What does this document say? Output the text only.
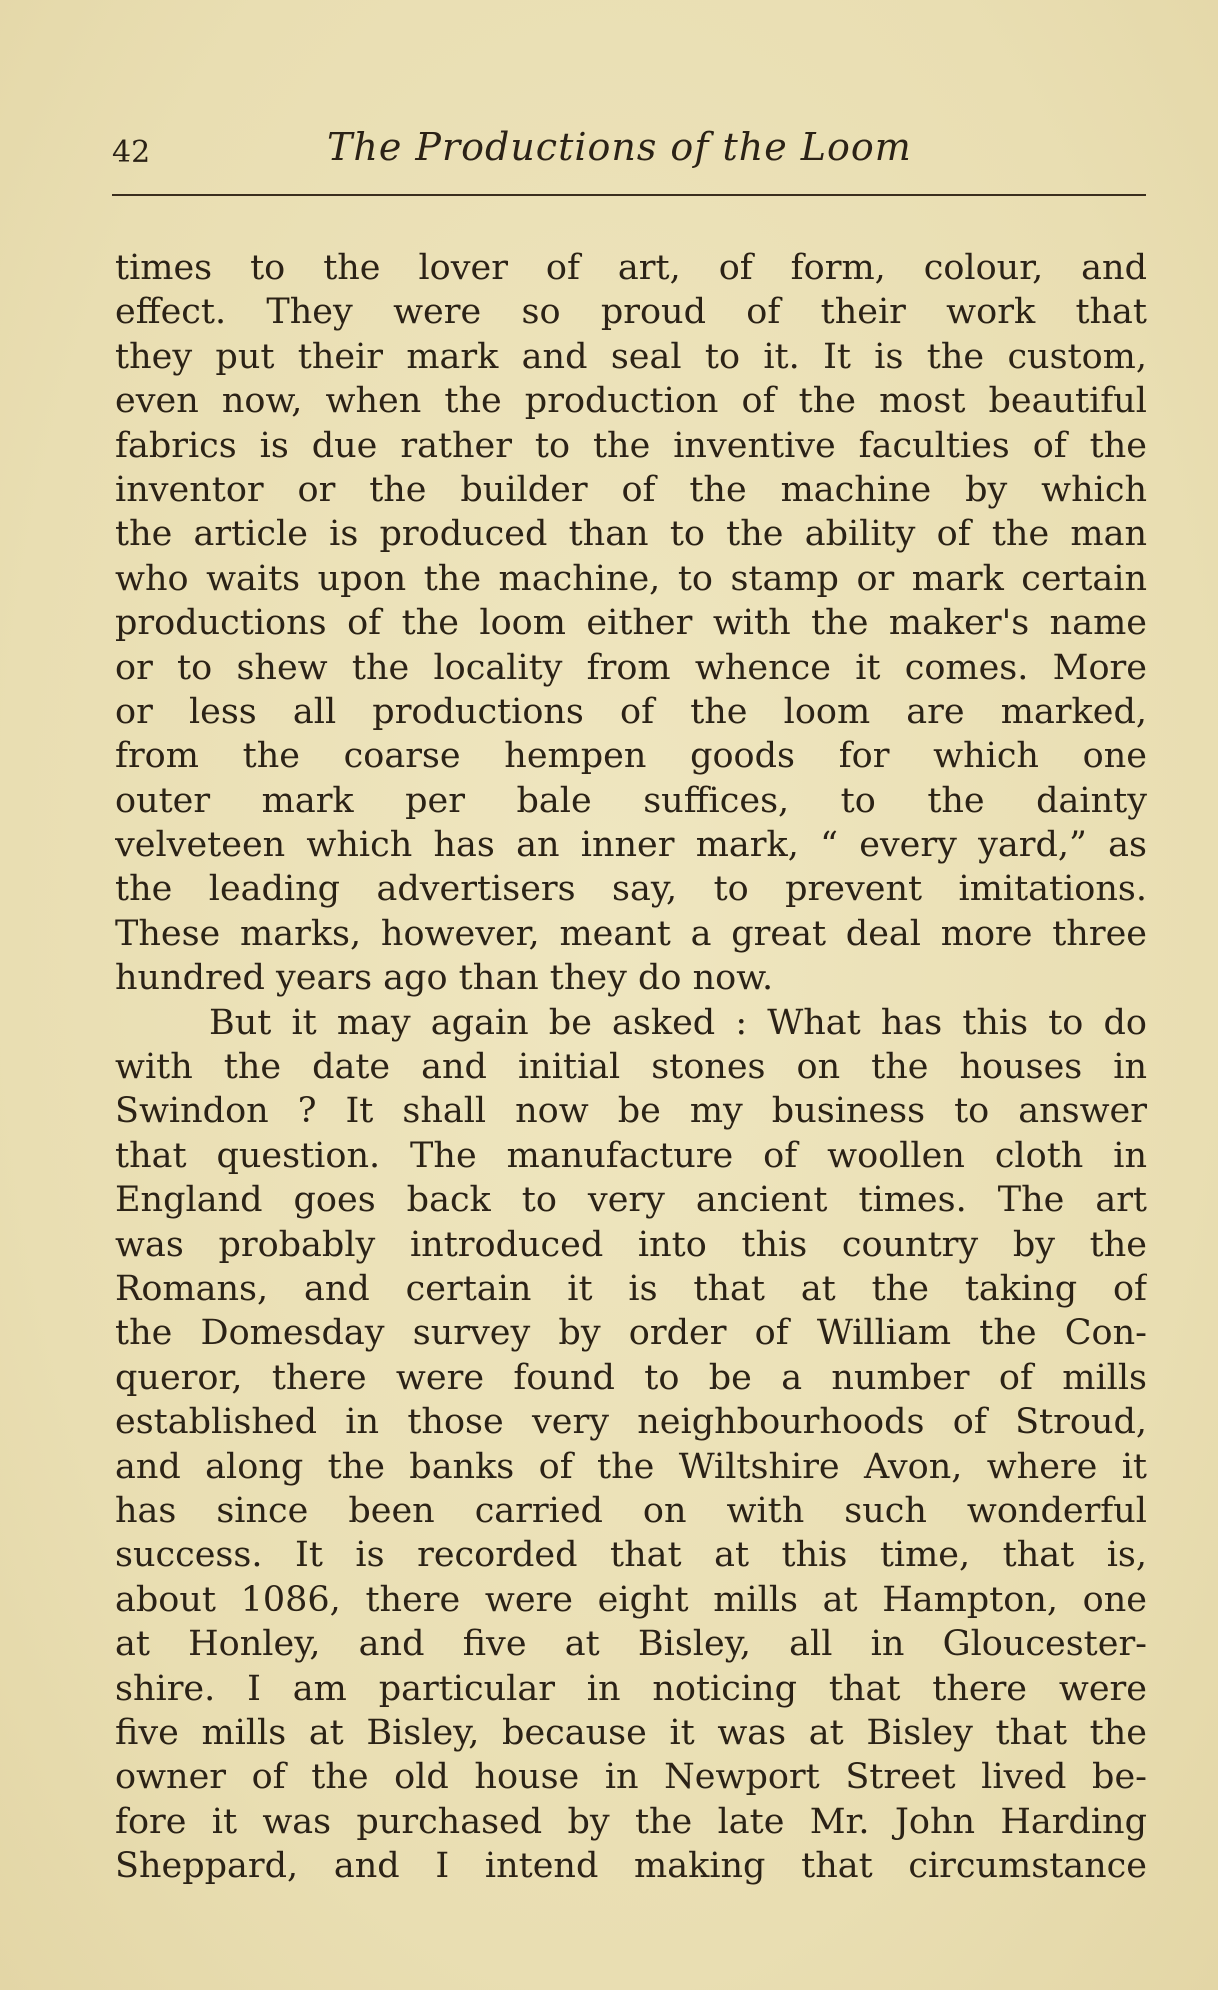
42	The Productions of the Loom
times to the lover of art, of form, colour, and
effect. They were so proud of their work that
they put their mark and seal to it. It is the custom,
even now, when the production of the most beautiful
fabrics is due rather to the inventive faculties of the
inventor or the builder of the machine by which
the article is produced than to the ability of the man
who waits upon the machine, to stamp or mark certain
productions of the loom either with the maker's name
or to shew the locality from whence it comes. More
or less all productions of the loom are marked,
from the coarse hempen goods for which one
outer mark per bale suffices, to the dainty
velveteen which has an inner mark, “ every yard,” as
the leading advertisers say, to prevent imitations.
These marks, however, meant a great deal more three
hundred years ago than they do now.
But it may again be asked : What has this to do
with the date and initial stones on the houses in
Swindon ? It shall now be my business to answer
that question. The manufacture of woollen cloth in
England goes back to very ancient times. The art
was probably introduced into this country by the
Romans, and certain it is that at the taking of
the Domesday survey by order of William the Con-
queror, there were found to be a number of mills
established in those very neighbourhoods of Stroud,
and along the banks of the Wiltshire Avon, where it
has since been carried on with such wonderful
success. It is recorded that at this time, that is,
about 1086, there were eight mills at Hampton, one
at Honley, and five at Bisley, all in Gloucester-
shire. I am particular in noticing that there were
five mills at Bisley, because it was at Bisley that the
owner of the old house in Newport Street lived be-
fore it was purchased by the late Mr. John Harding
Sheppard, and I intend making that circumstance
